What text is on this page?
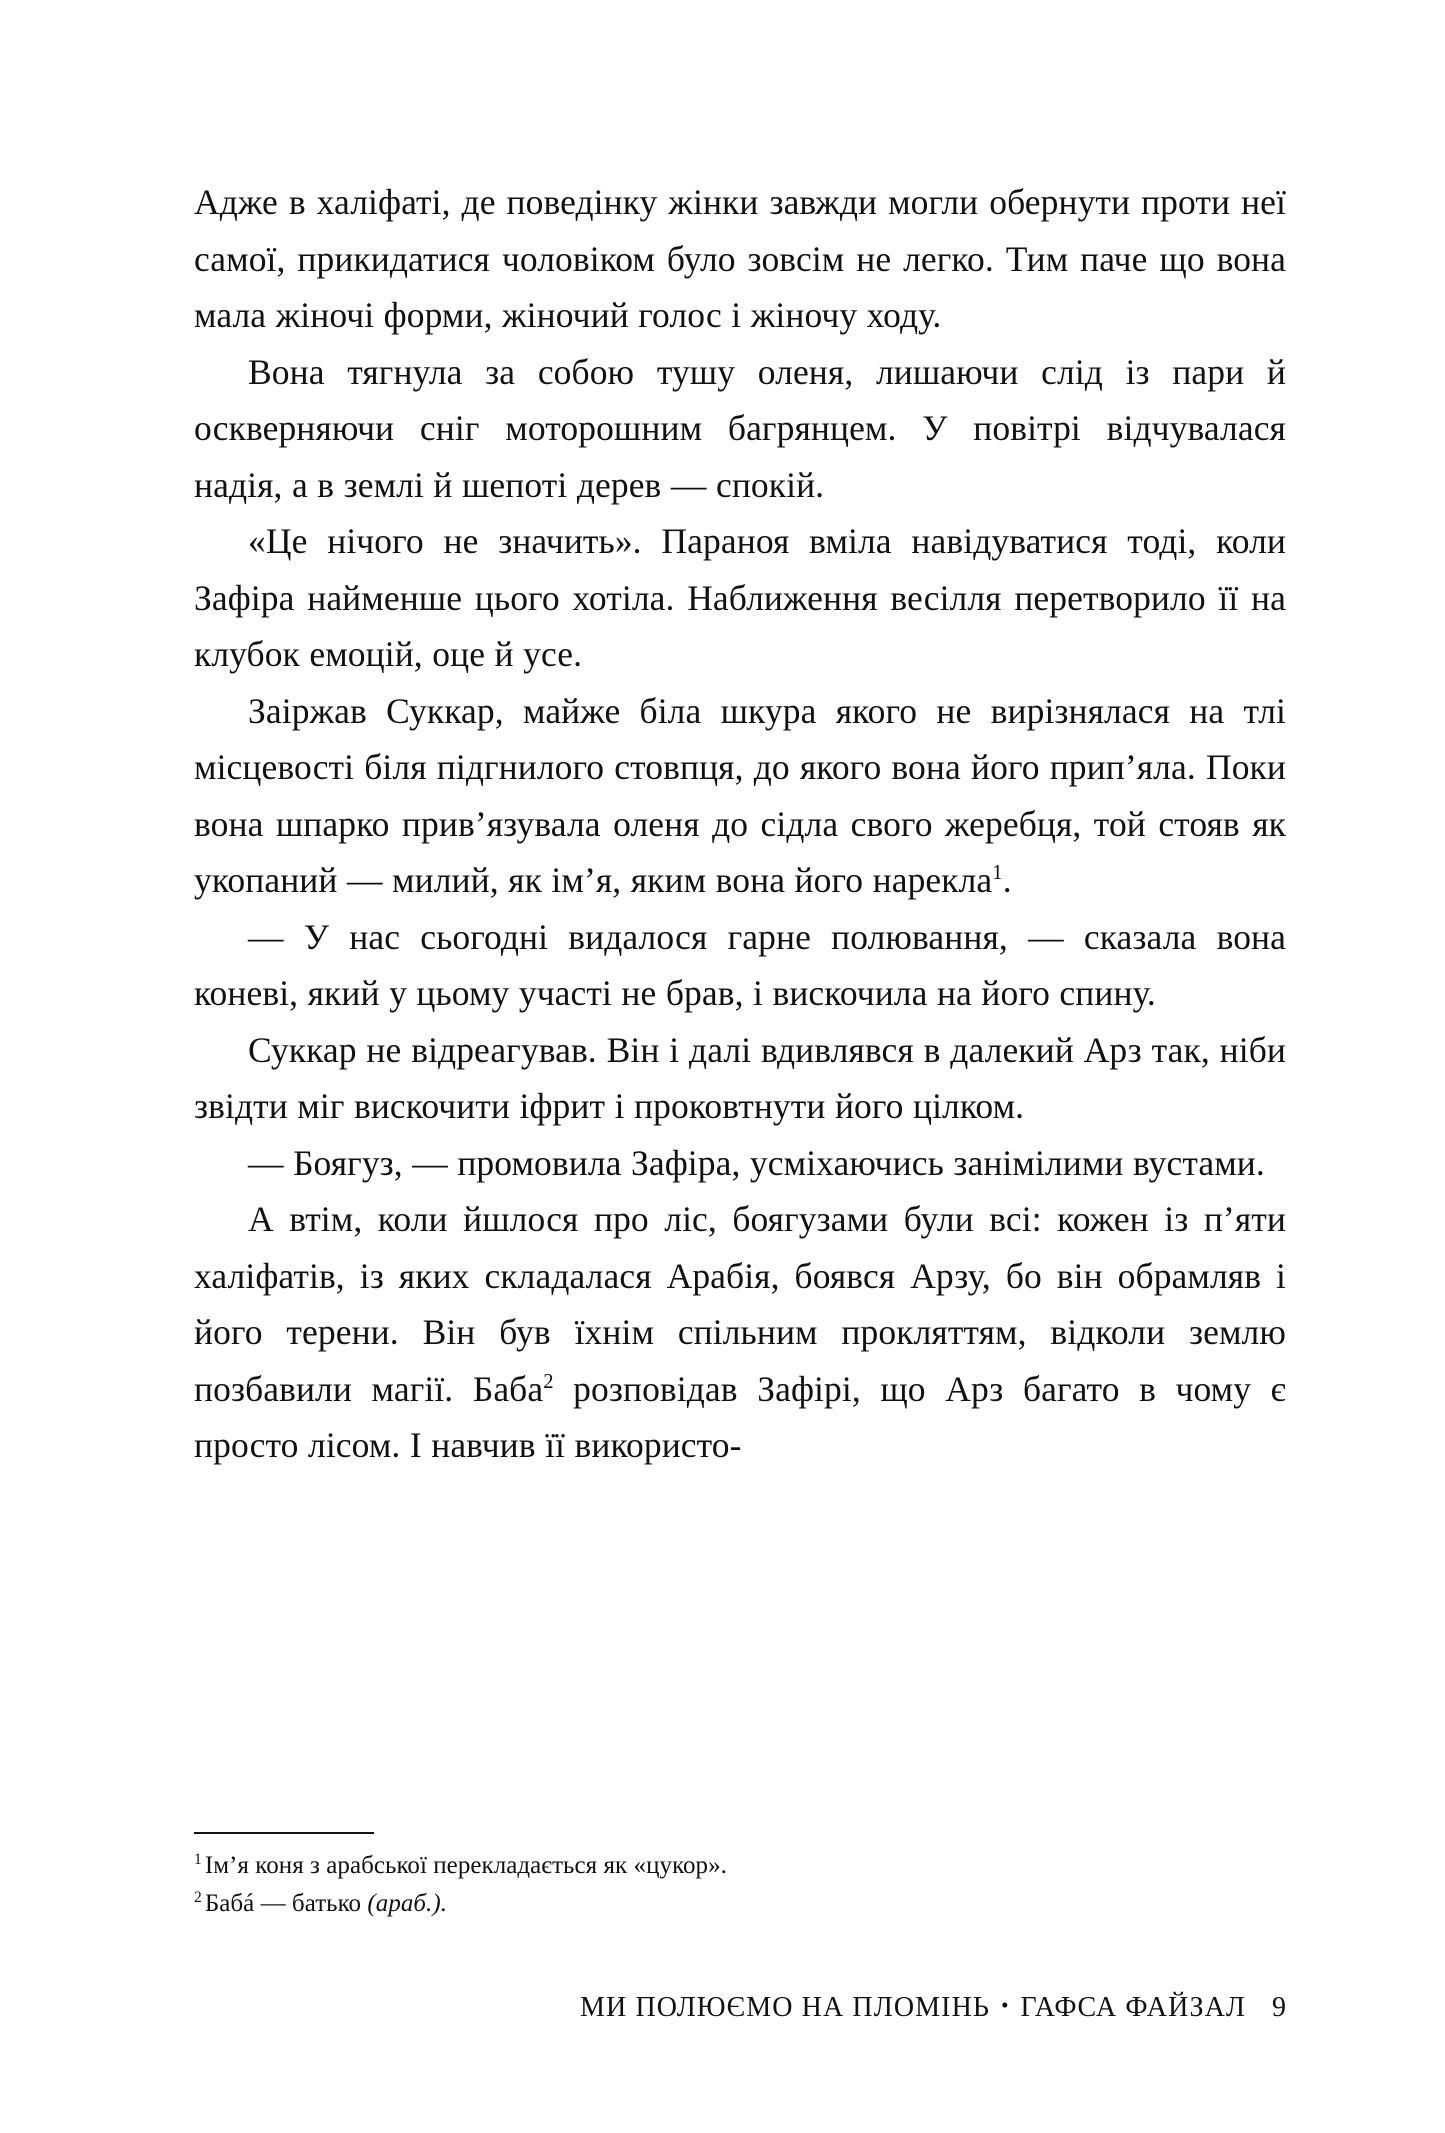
Адже в халіфаті, де поведінку жінки завжди могли обернути проти неї самої, прикидатися чоловіком було зовсім не легко. Тим паче що вона мала жіночі форми, жіночий голос і жіночу ходу.

Вона тягнула за собою тушу оленя, лишаючи слід із пари й оскверняючи сніг моторошним багрянцем. У повітрі відчувалася надія, а в землі й шепоті дерев — спокій.

«Це нічого не значить». Параноя вміла навідуватися тоді, коли Зафіра найменше цього хотіла. Наближення весілля перетворило її на клубок емоцій, оце й усе.

Заіржав Суккар, майже біла шкура якого не вирізнялася на тлі місцевості біля підгнилого стовпця, до якого вона його прип’яла. Поки вона шпарко прив’язувала оленя до сідла свого жеребця, той стояв як укопаний — милий, як ім’я, яким вона його нарекла$^1$.

— У нас сьогодні видалося гарне полювання, — сказала вона коневі, який у цьому участі не брав, і вискочила на його спину.

Суккар не відреагував. Він і далі вдивлявся в далекий Арз так, ніби звідти міг вискочити іфрит і проковтнути його цілком.

— Боягуз, — промовила Зафіра, усміхаючись занімілими вустами.

А втім, коли йшлося про ліс, боягузами були всі: кожен із п’яти халіфатів, із яких складалася Арабія, боявся Арзу, бо він обрамляв і його терени. Він був їхнім спільним прокляттям, відколи землю позбавили магії. Баба$^2$ розповідав Зафірі, що Арз багато в чому є просто лісом. І навчив її використо-

$^1$ Ім’я коня з арабської перекладається як «цукор».

$^2$ Бабá — батько (араб.).

МИ ПОЛЮЄМО НА ПЛОМІНЬ • ГАФСА ФАЙЗАЛ 9
